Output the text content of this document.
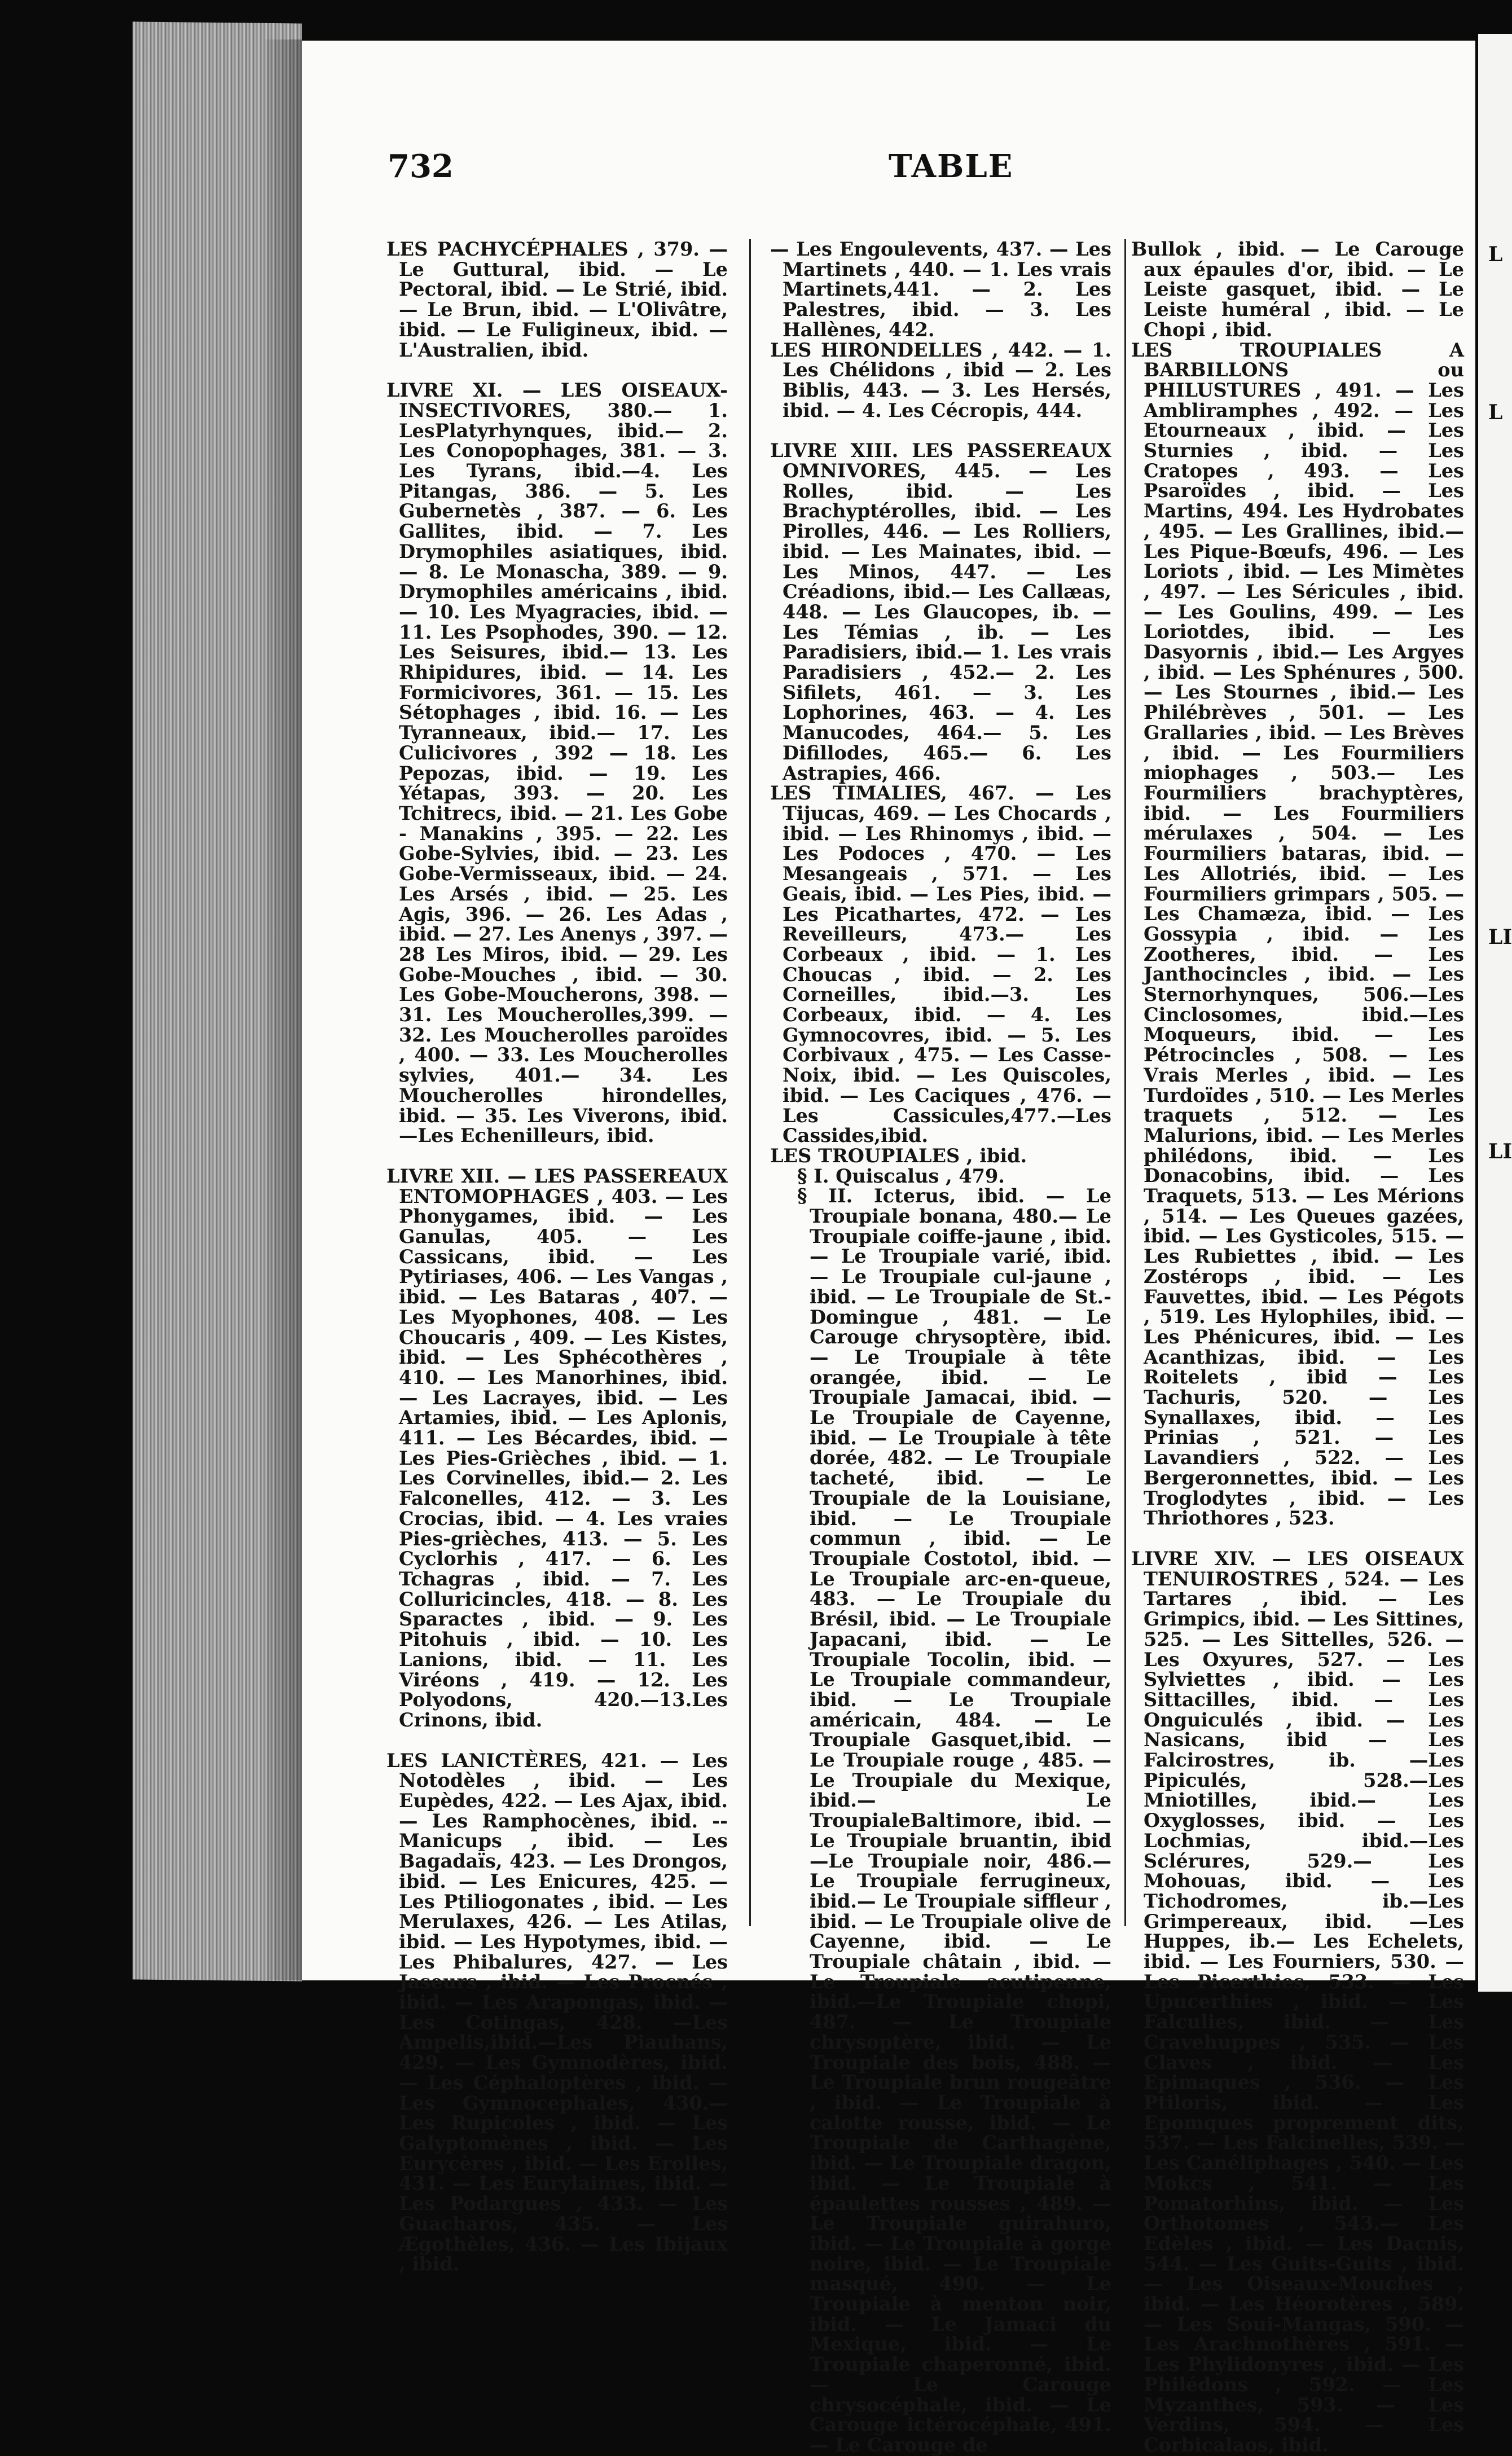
732	TABLE
LES PACHYCÉPHALES , 379. — Le Guttural, ibid. — Le Pectoral, ibid. — Le Strié, ibid. — Le Brun, ibid. — L'Olivâtre, ibid. — Le Fuligineux, ibid. — L'Australien, ibid.
LIVRE XI. — LES OISEAUX-INSECTIVORES, 380.— 1. LesPlatyrhynques, ibid.— 2. Les Conopophages, 381. — 3. Les Tyrans, ibid.—4. Les Pitangas, 386. — 5. Les Gubernetès , 387. — 6. Les Gallites, ibid. — 7. Les Drymophiles asiatiques, ibid. — 8. Le Monascha, 389. — 9. Drymophiles américains , ibid. — 10. Les Myagracies, ibid. — 11. Les Psophodes, 390. — 12. Les Seisures, ibid.— 13. Les Rhipidures, ibid. — 14. Les Formicivores, 361. — 15. Les Sétophages , ibid. 16. — Les Tyranneaux, ibid.— 17. Les Culicivores , 392 — 18. Les Pepozas, ibid. — 19. Les Yétapas, 393. — 20. Les Tchitrecs, ibid. — 21. Les Gobe - Manakins , 395. — 22. Les Gobe-Sylvies, ibid. — 23. Les Gobe-Vermisseaux, ibid. — 24. Les Arsés , ibid. — 25. Les Agis, 396. — 26. Les Adas , ibid. — 27. Les Anenys , 397. — 28 Les Miros, ibid. — 29. Les Gobe-Mouches , ibid. — 30. Les Gobe-Moucherons, 398. — 31. Les Moucherolles,399. — 32. Les Moucherolles paroïdes , 400. — 33. Les Moucherolles sylvies, 401.— 34. Les Moucherolles hirondelles, ibid. — 35. Les Viverons, ibid.—Les Echenilleurs, ibid.
LIVRE XII. — LES PASSEREAUX ENTOMOPHAGES , 403. — Les Phonygames, ibid. — Les Ganulas, 405. — Les Cassicans, ibid. — Les Pytiriases, 406. — Les Vangas , ibid. — Les Bataras , 407. — Les Myophones, 408. — Les Choucaris , 409. — Les Kistes, ibid. — Les Sphécothères , 410. — Les Manorhines, ibid. — Les Lacrayes, ibid. — Les Artamies, ibid. — Les Aplonis, 411. — Les Bécardes, ibid. — Les Pies-Grièches , ibid. — 1. Les Corvinelles, ibid.— 2. Les Falconelles, 412. — 3. Les Crocias, ibid. — 4. Les vraies Pies-grièches, 413. — 5. Les Cyclorhis , 417. — 6. Les Tchagras , ibid. — 7. Les Colluricincles, 418. — 8. Les Sparactes , ibid. — 9. Les Pitohuis , ibid. — 10. Les Lanions, ibid. — 11. Les Viréons , 419. — 12. Les Polyodons, 420.—13.Les Crinons, ibid.
LES LANICTÈRES, 421. — Les Notodèles , ibid. — Les Eupèdes, 422. — Les Ajax, ibid. — Les Ramphocènes, ibid. -- Manicups , ibid. — Les Bagadaïs, 423. — Les Drongos, ibid. — Les Enicures, 425. — Les Ptiliogonates , ibid. — Les Merulaxes, 426. — Les Atilas, ibid. — Les Hypotymes, ibid. — Les Phibalures, 427. — Les Jaseurs , ibid. — Les Procnés , ibid. — Les Arapongas, ibid. — Les Cotingas, 428. —Les Ampelis,ibid.—Les Piauhans, 429. — Les Gymnodères, ibid. — Les Céphaloptères , ibid. — Les Gymnocephales, 430.— Les Rupicoles , ibid. — Les Galyptomènes , ibid. — Les Eurycères , ibid. — Les Erolles, 431. — Les Eurylaimes, ibid. — Les Podargues , 433. — Les Guacharos, 435. — Les Ægothèles, 436. — Les Ibijaux , ibid.
— Les Engoulevents, 437. — Les Martinets , 440. — 1. Les vrais Martinets,441. — 2. Les Palestres, ibid. — 3. Les Hallènes, 442.
LES HIRONDELLES , 442. — 1. Les Chélidons , ibid — 2. Les Biblis, 443. — 3. Les Hersés, ibid. — 4. Les Cécropis, 444.
LIVRE XIII. LES PASSEREAUX OMNIVORES, 445. — Les Rolles, ibid. — Les Brachyptérolles, ibid. — Les Pirolles, 446. — Les Rolliers, ibid. — Les Mainates, ibid. — Les Minos, 447. — Les Créadions, ibid.— Les Callæas, 448. — Les Glaucopes, ib. — Les Témias , ib. — Les Paradisiers, ibid.— 1. Les vrais Paradisiers , 452.— 2. Les Sifilets, 461. — 3. Les Lophorines, 463. — 4. Les Manucodes, 464.— 5. Les Difillodes, 465.— 6. Les Astrapies, 466.
LES TIMALIES, 467. — Les Tijucas, 469. — Les Chocards , ibid. — Les Rhinomys , ibid. — Les Podoces , 470. — Les Mesangeais , 571. — Les Geais, ibid. — Les Pies, ibid. — Les Picathartes, 472. — Les Reveilleurs, 473.— Les Corbeaux , ibid. — 1. Les Choucas , ibid. — 2. Les Corneilles, ibid.—3. Les Corbeaux, ibid. — 4. Les Gymnocovres, ibid. — 5. Les Corbivaux , 475. — Les Casse-Noix, ibid. — Les Quiscoles, ibid. — Les Caciques , 476. — Les Cassicules,477.—Les Cassides,ibid.
LES TROUPIALES , ibid.
§ I. Quiscalus , 479.
§ II. Icterus, ibid. — Le Troupiale bonana, 480.— Le Troupiale coiffe-jaune , ibid. — Le Troupiale varié, ibid. — Le Troupiale cul-jaune , ibid. — Le Troupiale de St.-Domingue , 481. — Le Carouge chrysoptère, ibid. — Le Troupiale à tête orangée, ibid. — Le Troupiale Jamacai, ibid. — Le Troupiale de Cayenne, ibid. — Le Troupiale à tête dorée, 482. — Le Troupiale tacheté, ibid. — Le Troupiale de la Louisiane, ibid. — Le Troupiale commun , ibid. — Le Troupiale Costotol, ibid. — Le Troupiale arc-en-queue, 483. — Le Troupiale du Brésil, ibid. — Le Troupiale Japacani, ibid. — Le Troupiale Tocolin, ibid. — Le Troupiale commandeur, ibid. — Le Troupiale américain, 484. — Le Troupiale Gasquet,ibid. — Le Troupiale rouge , 485. — Le Troupiale du Mexique, ibid.— Le TroupialeBaltimore, ibid. — Le Troupiale bruantin, ibid—Le Troupiale noir, 486.—Le Troupiale ferrugineux, ibid.— Le Troupiale siffleur , ibid. — Le Troupiale olive de Cayenne, ibid. — Le Troupiale châtain , ibid. — Le Troupiale acutipenne, ibid.—Le Troupiale chopi, 487. — Le Troupiale chrysoptère, ibid. — Le Troupiale des bois, 488. — Le Troupiale brun rougeâtre , ibid. — Le Troupiale à calotte rousse, ibid. — Le Troupiale de Carthagène, ibid. — Le Troupiale dragon, ibid. — Le Troupiale à épaulettes rousses , 489. — Le Troupiale guirahuro, ibid. — Le Troupiale à gorge noire, ibid. — Le Troupiale masqué, 490. — Le Troupiale à menton noir, ibid. — Le Jamaci du Mexique, ibid. — Le Troupiale chaperonné, ibid. — Le Carouge chrysocéphale, ibid. — Le Carouge ictérocéphale, 491. — Le Carouge de
Bullok , ibid. — Le Carouge aux épaules d'or, ibid. — Le Leiste gasquet, ibid. — Le Leiste huméral , ibid. — Le Chopi , ibid.
LES TROUPIALES A BARBILLONS ou PHILUSTURES , 491. — Les Ambliramphes , 492. — Les Etourneaux , ibid. — Les Sturnies , ibid. — Les Cratopes , 493. — Les Psaroïdes , ibid. — Les Martins, 494. Les Hydrobates , 495. — Les Grallines, ibid.—Les Pique-Bœufs, 496. — Les Loriots , ibid. — Les Mimètes , 497. — Les Séricules , ibid. — Les Goulins, 499. — Les Loriotdes, ibid. — Les Dasyornis , ibid.— Les Argyes , ibid. — Les Sphénures , 500. — Les Stournes , ibid.— Les Philébrèves , 501. — Les Grallaries , ibid. — Les Brèves , ibid. — Les Fourmiliers miophages , 503.— Les Fourmiliers brachyptères, ibid. — Les Fourmiliers mérulaxes , 504. — Les Fourmiliers bataras, ibid. — Les Allotriés, ibid. — Les Fourmiliers grimpars , 505. — Les Chamæza, ibid. — Les Gossypia , ibid. — Les Zootheres, ibid. — Les Janthocincles , ibid. — Les Sternorhynques, 506.—Les Cinclosomes, ibid.—Les Moqueurs, ibid. — Les Pétrocincles , 508. — Les Vrais Merles , ibid. — Les Turdoïdes , 510. — Les Merles traquets , 512. — Les Malurions, ibid. — Les Merles philédons, ibid. — Les Donacobins, ibid. — Les Traquets, 513. — Les Mérions , 514. — Les Queues gazées, ibid. — Les Gysticoles, 515. — Les Rubiettes , ibid. — Les Zostérops , ibid. — Les Fauvettes, ibid. — Les Pégots , 519. Les Hylophiles, ibid. — Les Phénicures, ibid. — Les Acanthizas, ibid. — Les Roitelets , ibid — Les Tachuris, 520. — Les Synallaxes, ibid. — Les Prinias , 521. — Les Lavandiers , 522. — Les Bergeronnettes, ibid. — Les Troglodytes , ibid. — Les Thriothores , 523.
LIVRE XIV. — LES OISEAUX TENUIROSTRES , 524. — Les Tartares , ibid. — Les Grimpics, ibid. — Les Sittines, 525. — Les Sittelles, 526. — Les Oxyures, 527. — Les Sylviettes , ibid. — Les Sittacilles, ibid. — Les Onguiculés , ibid. — Les Nasicans, ibid — Les Falcirostres, ib. —Les Pipiculés, 528.—Les Mniotilles, ibid.— Les Oxyglosses, ibid. — Les Lochmias, ibid.—Les Sclérures, 529.— Les Mohouas, ibid. — Les Tichodromes, ib.—Les Grimpereaux, ibid. —Les Huppes, ib.— Les Echelets, ibid. — Les Fourniers, 530. — Les Picerthies, 533. — Les Upucerthies , ibid. — Les Falculies, ibid. — Les Cravehuppes , 535. — Les Claves , ibid. — Les Epimaques , 536. — Les Ptiloris, ibid. — Les Epomques proprement dits, 537. — Les Falcinelles, 539. — Les Canéliphages , 540. — Les Mokcs , 541. — Les Pomatorhins, ibid. — Les Orthotomes , 543.— Les Edèles , ibid. — Les Dacnis, 544. — Les Guits-Guits , ibid. — Les Oiseaux-Mouches , ibid. — Les Héorotères , 589. — Les Soui-Mangas, 590. — Les Arachnothères , 591. — Les Phylidonyres , ibid. — Les Philédons , 592. — Les Myzanthes, 593. — Les Verdins, 594. — Les Corbicalaos, ibid.
L
L
LI
LI
